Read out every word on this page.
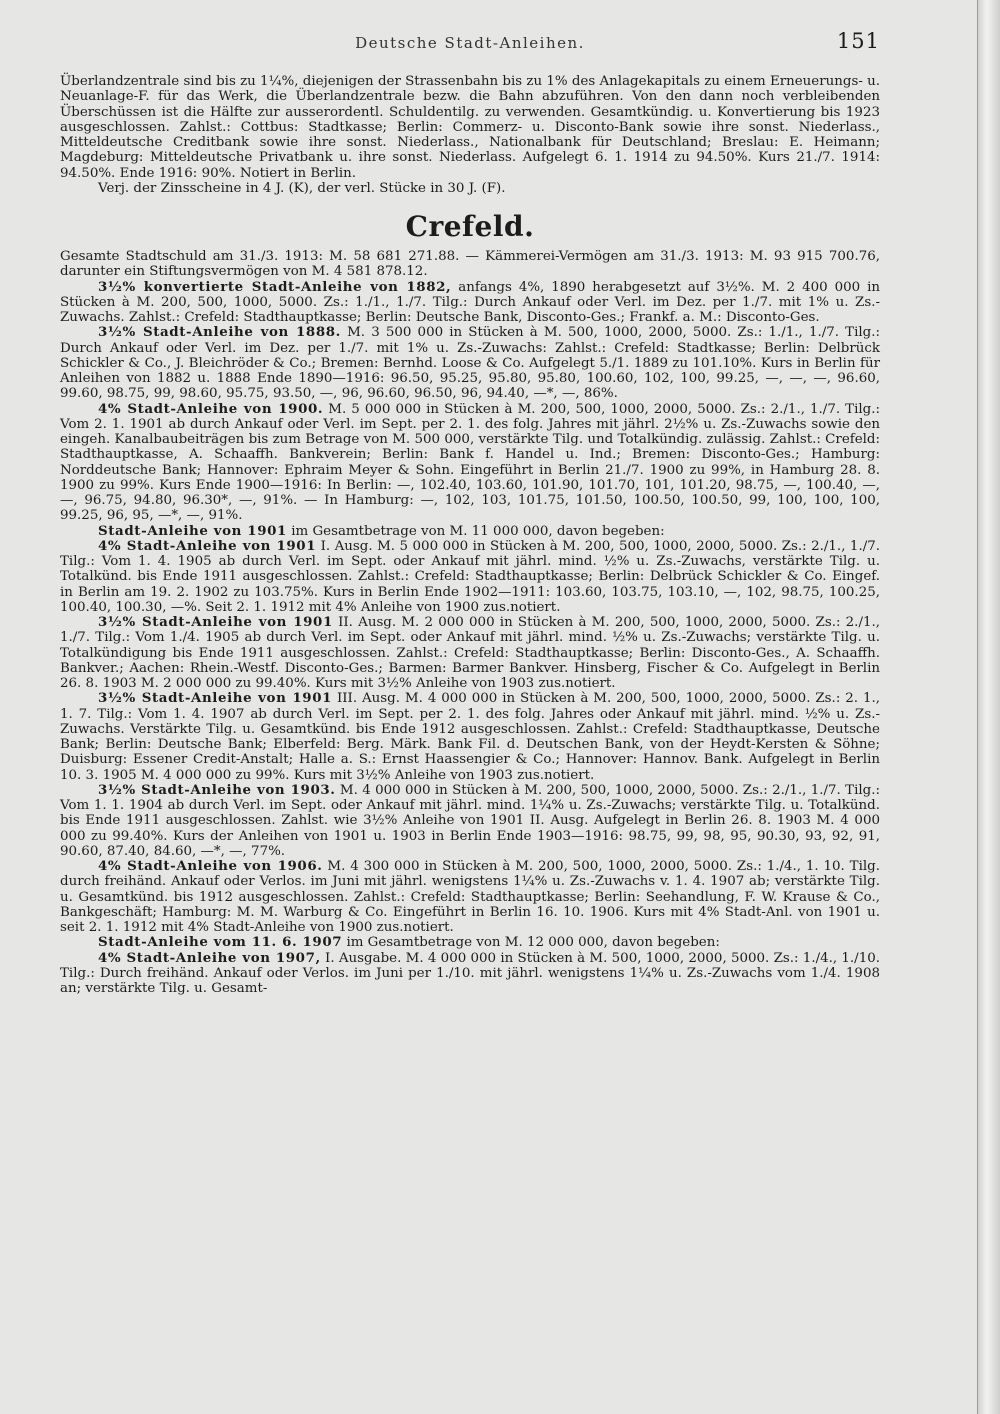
Deutsche Stadt-Anleihen.	151

Überlandzentrale sind bis zu 1¼%, diejenigen der Strassenbahn bis zu 1% des Anlagekapitals zu einem Erneuerungs- u. Neuanlage-F. für das Werk, die Überlandzentrale bezw. die Bahn abzuführen. Von den dann noch verbleibenden Überschüssen ist die Hälfte zur ausserordentl. Schuldentilg. zu verwenden. Gesamtkündig. u. Konvertierung bis 1923 ausgeschlossen. Zahlst.: Cottbus: Stadtkasse; Berlin: Commerz- u. Disconto-Bank sowie ihre sonst. Niederlass., Mitteldeutsche Creditbank sowie ihre sonst. Niederlass., Nationalbank für Deutschland; Breslau: E. Heimann; Magdeburg: Mitteldeutsche Privatbank u. ihre sonst. Niederlass. Aufgelegt 6. 1. 1914 zu 94.50%. Kurs 21./7. 1914: 94.50%. Ende 1916: 90%. Notiert in Berlin.

Verj. der Zinsscheine in 4 J. (K), der verl. Stücke in 30 J. (F).

Crefeld.

Gesamte Stadtschuld am 31./3. 1913: M. 58 681 271.88. — Kämmerei-Vermögen am 31./3. 1913: M. 93 915 700.76, darunter ein Stiftungsvermögen von M. 4 581 878.12.

3½% konvertierte Stadt-Anleihe von 1882, anfangs 4%, 1890 herabgesetzt auf 3½%. M. 2 400 000 in Stücken à M. 200, 500, 1000, 5000. Zs.: 1./1., 1./7. Tilg.: Durch Ankauf oder Verl. im Dez. per 1./7. mit 1% u. Zs.-Zuwachs. Zahlst.: Crefeld: Stadthauptkasse; Berlin: Deutsche Bank, Disconto-Ges.; Frankf. a. M.: Disconto-Ges.

3½% Stadt-Anleihe von 1888. M. 3 500 000 in Stücken à M. 500, 1000, 2000, 5000. Zs.: 1./1., 1./7. Tilg.: Durch Ankauf oder Verl. im Dez. per 1./7. mit 1% u. Zs.-Zuwachs: Zahlst.: Crefeld: Stadtkasse; Berlin: Delbrück Schickler & Co., J. Bleichröder & Co.; Bremen: Bernhd. Loose & Co. Aufgelegt 5./1. 1889 zu 101.10%. Kurs in Berlin für Anleihen von 1882 u. 1888 Ende 1890—1916: 96.50, 95.25, 95.80, 95.80, 100.60, 102, 100, 99.25, —, —, —, 96.60, 99.60, 98.75, 99, 98.60, 95.75, 93.50, —, 96, 96.60, 96.50, 96, 94.40, —*, —, 86%.

4% Stadt-Anleihe von 1900. M. 5 000 000 in Stücken à M. 200, 500, 1000, 2000, 5000. Zs.: 2./1., 1./7. Tilg.: Vom 2. 1. 1901 ab durch Ankauf oder Verl. im Sept. per 2. 1. des folg. Jahres mit jährl. 2½% u. Zs.-Zuwachs sowie den eingeh. Kanalbaubeiträgen bis zum Betrage von M. 500 000, verstärkte Tilg. und Totalkündig. zulässig. Zahlst.: Crefeld: Stadthauptkasse, A. Schaaffh. Bankverein; Berlin: Bank f. Handel u. Ind.; Bremen: Disconto-Ges.; Hamburg: Norddeutsche Bank; Hannover: Ephraim Meyer & Sohn. Eingeführt in Berlin 21./7. 1900 zu 99%, in Hamburg 28. 8. 1900 zu 99%. Kurs Ende 1900—1916: In Berlin: —, 102.40, 103.60, 101.90, 101.70, 101, 101.20, 98.75, —, 100.40, —, —, 96.75, 94.80, 96.30*, —, 91%. — In Hamburg: —, 102, 103, 101.75, 101.50, 100.50, 100.50, 99, 100, 100, 100, 99.25, 96, 95, —*, —, 91%.

Stadt-Anleihe von 1901 im Gesamtbetrage von M. 11 000 000, davon begeben:

4% Stadt-Anleihe von 1901 I. Ausg. M. 5 000 000 in Stücken à M. 200, 500, 1000, 2000, 5000. Zs.: 2./1., 1./7. Tilg.: Vom 1. 4. 1905 ab durch Verl. im Sept. oder Ankauf mit jährl. mind. ½% u. Zs.-Zuwachs, verstärkte Tilg. u. Totalkünd. bis Ende 1911 ausgeschlossen. Zahlst.: Crefeld: Stadthauptkasse; Berlin: Delbrück Schickler & Co. Eingef. in Berlin am 19. 2. 1902 zu 103.75%. Kurs in Berlin Ende 1902—1911: 103.60, 103.75, 103.10, —, 102, 98.75, 100.25, 100.40, 100.30, —%. Seit 2. 1. 1912 mit 4% Anleihe von 1900 zus.notiert.

3½% Stadt-Anleihe von 1901 II. Ausg. M. 2 000 000 in Stücken à M. 200, 500, 1000, 2000, 5000. Zs.: 2./1., 1./7. Tilg.: Vom 1./4. 1905 ab durch Verl. im Sept. oder Ankauf mit jährl. mind. ½% u. Zs.-Zuwachs; verstärkte Tilg. u. Totalkündigung bis Ende 1911 ausgeschlossen. Zahlst.: Crefeld: Stadthauptkasse; Berlin: Disconto-Ges., A. Schaaffh. Bankver.; Aachen: Rhein.-Westf. Disconto-Ges.; Barmen: Barmer Bankver. Hinsberg, Fischer & Co. Aufgelegt in Berlin 26. 8. 1903 M. 2 000 000 zu 99.40%. Kurs mit 3½% Anleihe von 1903 zus.notiert.

3½% Stadt-Anleihe von 1901 III. Ausg. M. 4 000 000 in Stücken à M. 200, 500, 1000, 2000, 5000. Zs.: 2. 1., 1. 7. Tilg.: Vom 1. 4. 1907 ab durch Verl. im Sept. per 2. 1. des folg. Jahres oder Ankauf mit jährl. mind. ½% u. Zs.-Zuwachs. Verstärkte Tilg. u. Gesamtkünd. bis Ende 1912 ausgeschlossen. Zahlst.: Crefeld: Stadthauptkasse, Deutsche Bank; Berlin: Deutsche Bank; Elberfeld: Berg. Märk. Bank Fil. d. Deutschen Bank, von der Heydt-Kersten & Söhne; Duisburg: Essener Credit-Anstalt; Halle a. S.: Ernst Haassengier & Co.; Hannover: Hannov. Bank. Aufgelegt in Berlin 10. 3. 1905 M. 4 000 000 zu 99%. Kurs mit 3½% Anleihe von 1903 zus.notiert.

3½% Stadt-Anleihe von 1903. M. 4 000 000 in Stücken à M. 200, 500, 1000, 2000, 5000. Zs.: 2./1., 1./7. Tilg.: Vom 1. 1. 1904 ab durch Verl. im Sept. oder Ankauf mit jährl. mind. 1¼% u. Zs.-Zuwachs; verstärkte Tilg. u. Totalkünd. bis Ende 1911 ausgeschlossen. Zahlst. wie 3½% Anleihe von 1901 II. Ausg. Aufgelegt in Berlin 26. 8. 1903 M. 4 000 000 zu 99.40%. Kurs der Anleihen von 1901 u. 1903 in Berlin Ende 1903—1916: 98.75, 99, 98, 95, 90.30, 93, 92, 91, 90.60, 87.40, 84.60, —*, —, 77%.

4% Stadt-Anleihe von 1906. M. 4 300 000 in Stücken à M. 200, 500, 1000, 2000, 5000. Zs.: 1./4., 1. 10. Tilg. durch freihänd. Ankauf oder Verlos. im Juni mit jährl. wenigstens 1¼% u. Zs.-Zuwachs v. 1. 4. 1907 ab; verstärkte Tilg. u. Gesamtkünd. bis 1912 ausgeschlossen. Zahlst.: Crefeld: Stadthauptkasse; Berlin: Seehandlung, F. W. Krause & Co., Bankgeschäft; Hamburg: M. M. Warburg & Co. Eingeführt in Berlin 16. 10. 1906. Kurs mit 4% Stadt-Anl. von 1901 u. seit 2. 1. 1912 mit 4% Stadt-Anleihe von 1900 zus.notiert.

Stadt-Anleihe vom 11. 6. 1907 im Gesamtbetrage von M. 12 000 000, davon begeben:

4% Stadt-Anleihe von 1907, I. Ausgabe. M. 4 000 000 in Stücken à M. 500, 1000, 2000, 5000. Zs.: 1./4., 1./10. Tilg.: Durch freihänd. Ankauf oder Verlos. im Juni per 1./10. mit jährl. wenigstens 1¼% u. Zs.-Zuwachs vom 1./4. 1908 an; verstärkte Tilg. u. Gesamt-
